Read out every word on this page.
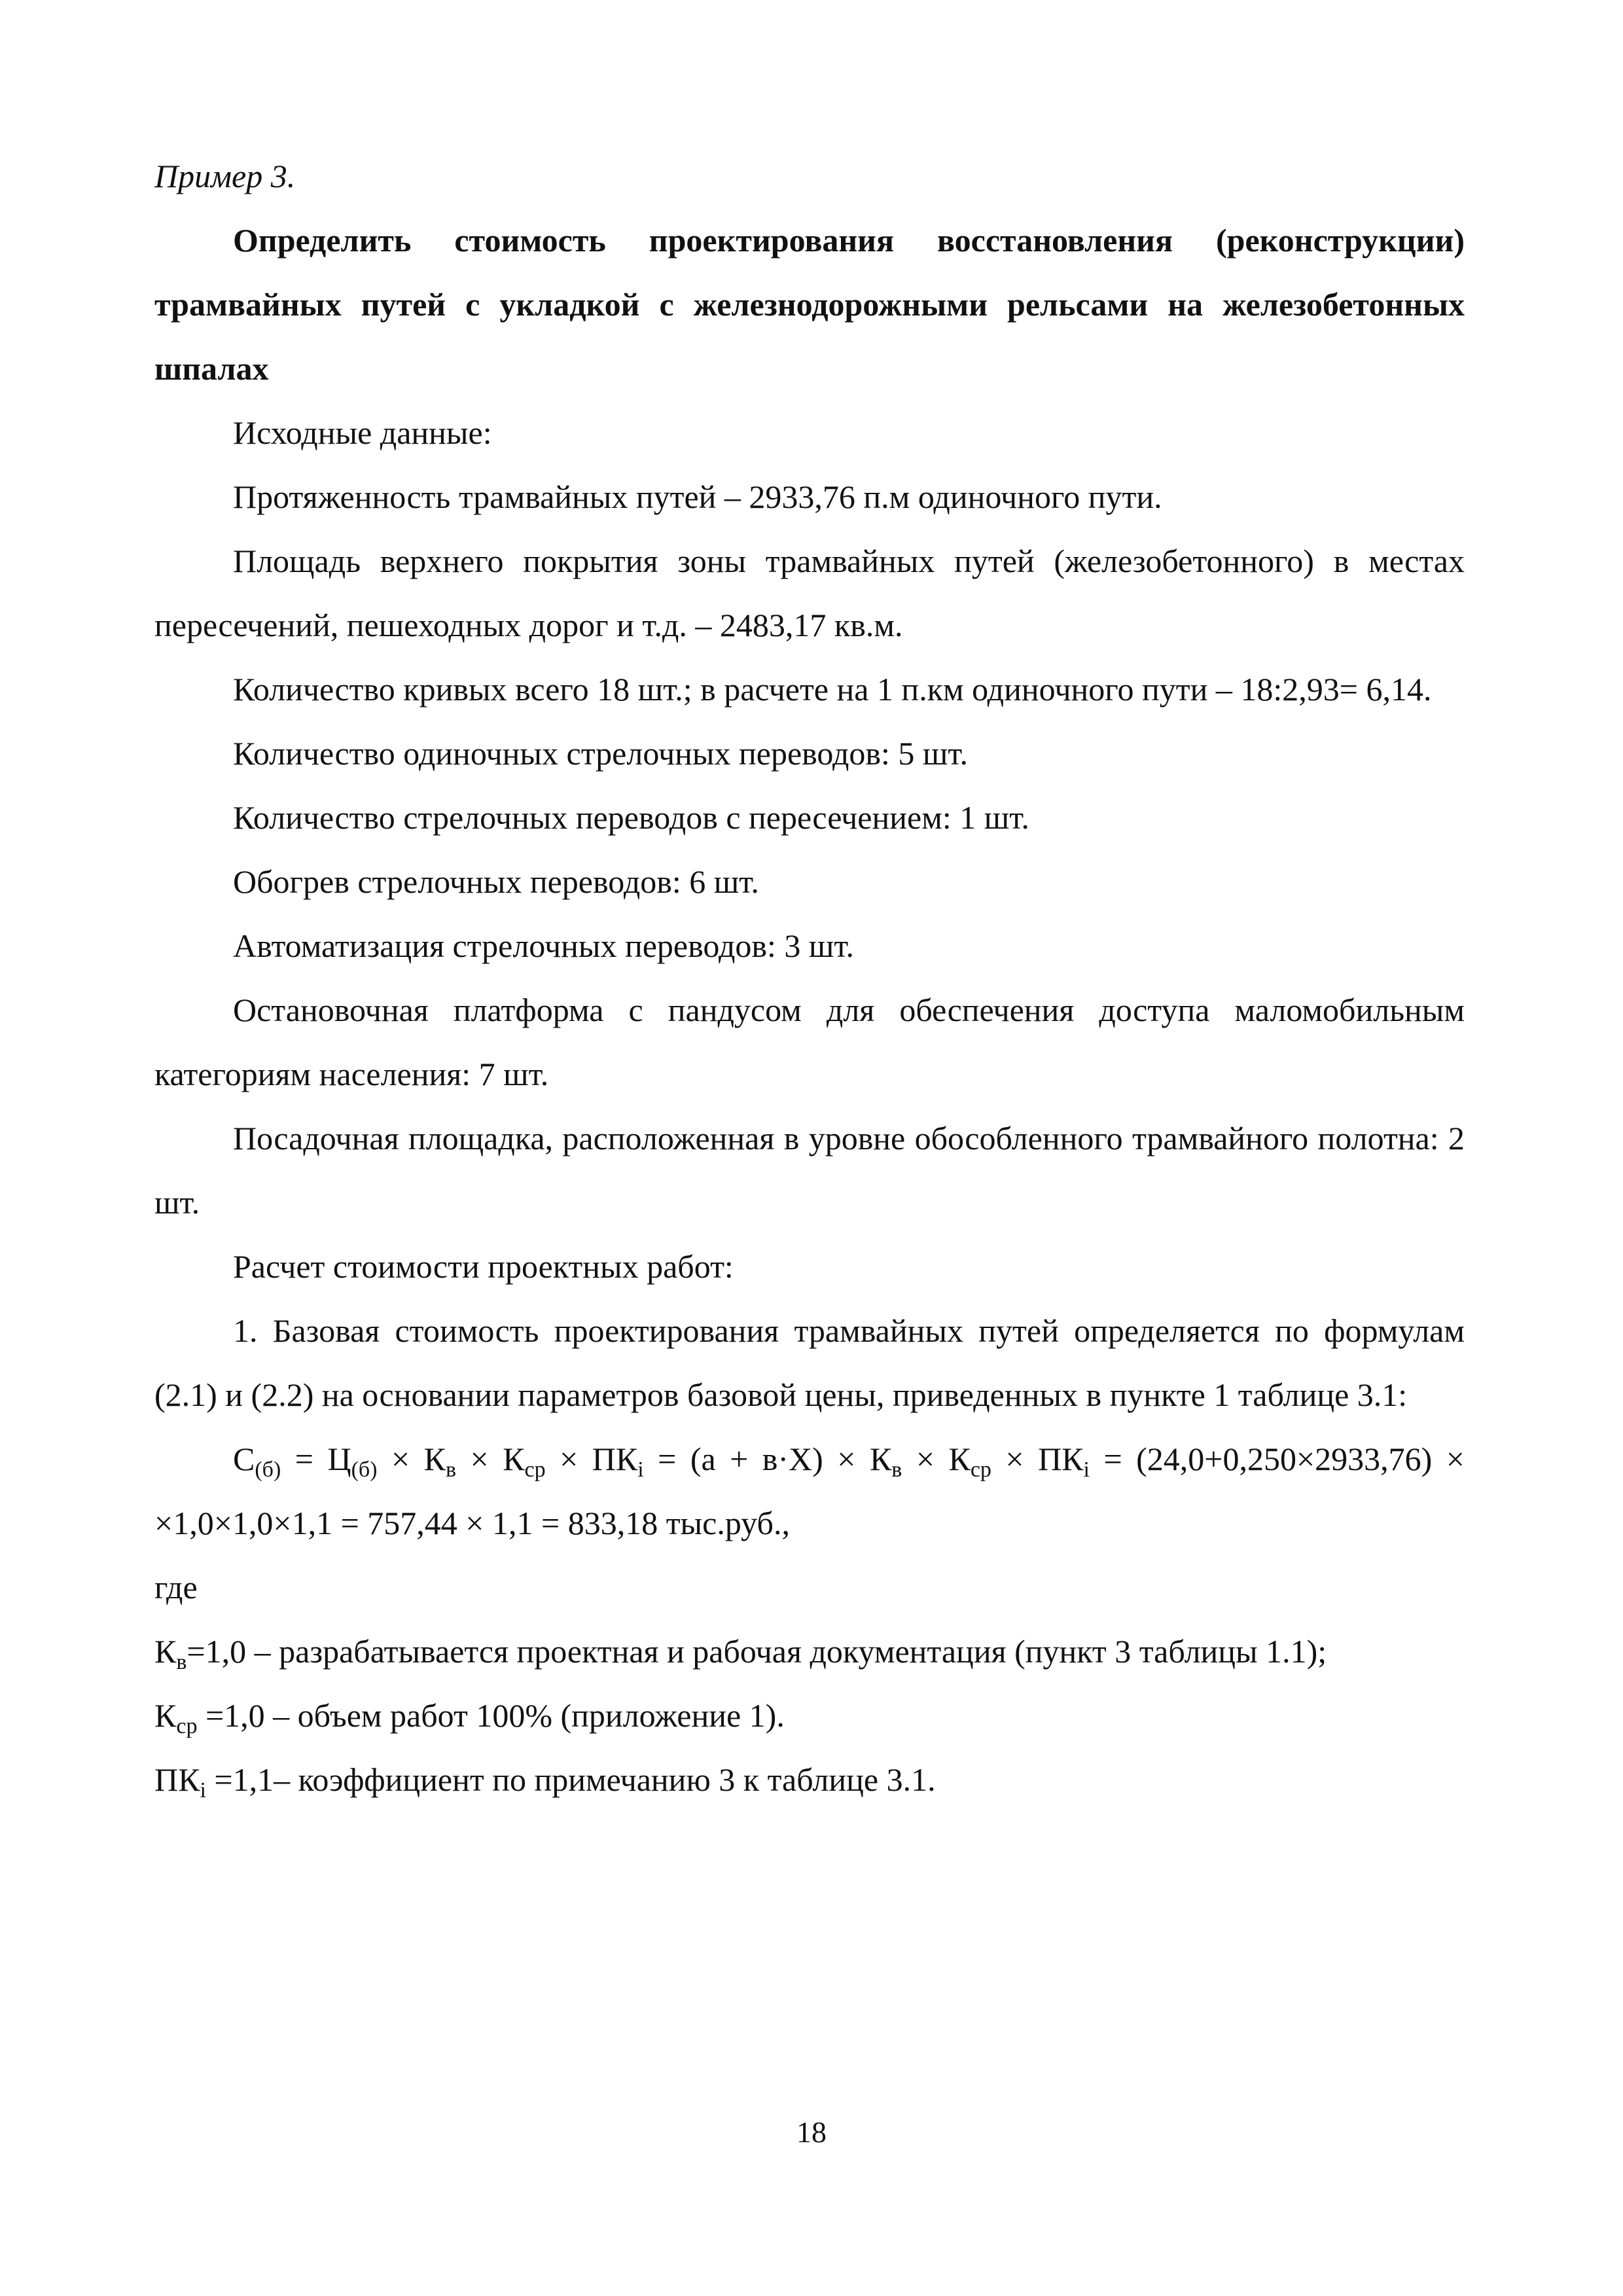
Пример 3.

Определить стоимость проектирования восстановления (реконструкции) трамвайных путей с укладкой с железнодорожными рельсами на железобетонных шпалах

Исходные данные:

Протяженность трамвайных путей – 2933,76 п.м одиночного пути.

Площадь верхнего покрытия зоны трамвайных путей (железобетонного) в местах пересечений, пешеходных дорог и т.д. – 2483,17 кв.м.

Количество кривых всего 18 шт.; в расчете на 1 п.км одиночного пути – 18:2,93= 6,14.

Количество одиночных стрелочных переводов: 5 шт.

Количество стрелочных переводов с пересечением: 1 шт.

Обогрев стрелочных переводов: 6 шт.

Автоматизация стрелочных переводов: 3 шт.

Остановочная платформа с пандусом для обеспечения доступа маломобильным категориям населения: 7 шт.

Посадочная площадка, расположенная в уровне обособленного трамвайного полотна: 2 шт.

Расчет стоимости проектных работ:

1. Базовая стоимость проектирования трамвайных путей определяется по формулам (2.1) и (2.2) на основании параметров базовой цены, приведенных в пункте 1 таблице 3.1:

$С_{(б)} = Ц_{(б)} \times К_в \times К_{ср} \times ПК_i = (а + в\cdot Х) \times К_в \times К_{ср} \times ПК_i = (24,0+0,250\times 2933,76) \times \times 1,0\times 1,0\times 1,1 = 757,44 \times 1,1 = 833,18$ тыс.руб.,

где

$К_в=1,0$ – разрабатывается проектная и рабочая документация (пункт 3 таблицы 1.1);

$К_{ср} =1,0$ – объем работ 100% (приложение 1).

$ПК_i =1,1-$ коэффициент по примечанию 3 к таблице 3.1.

18
